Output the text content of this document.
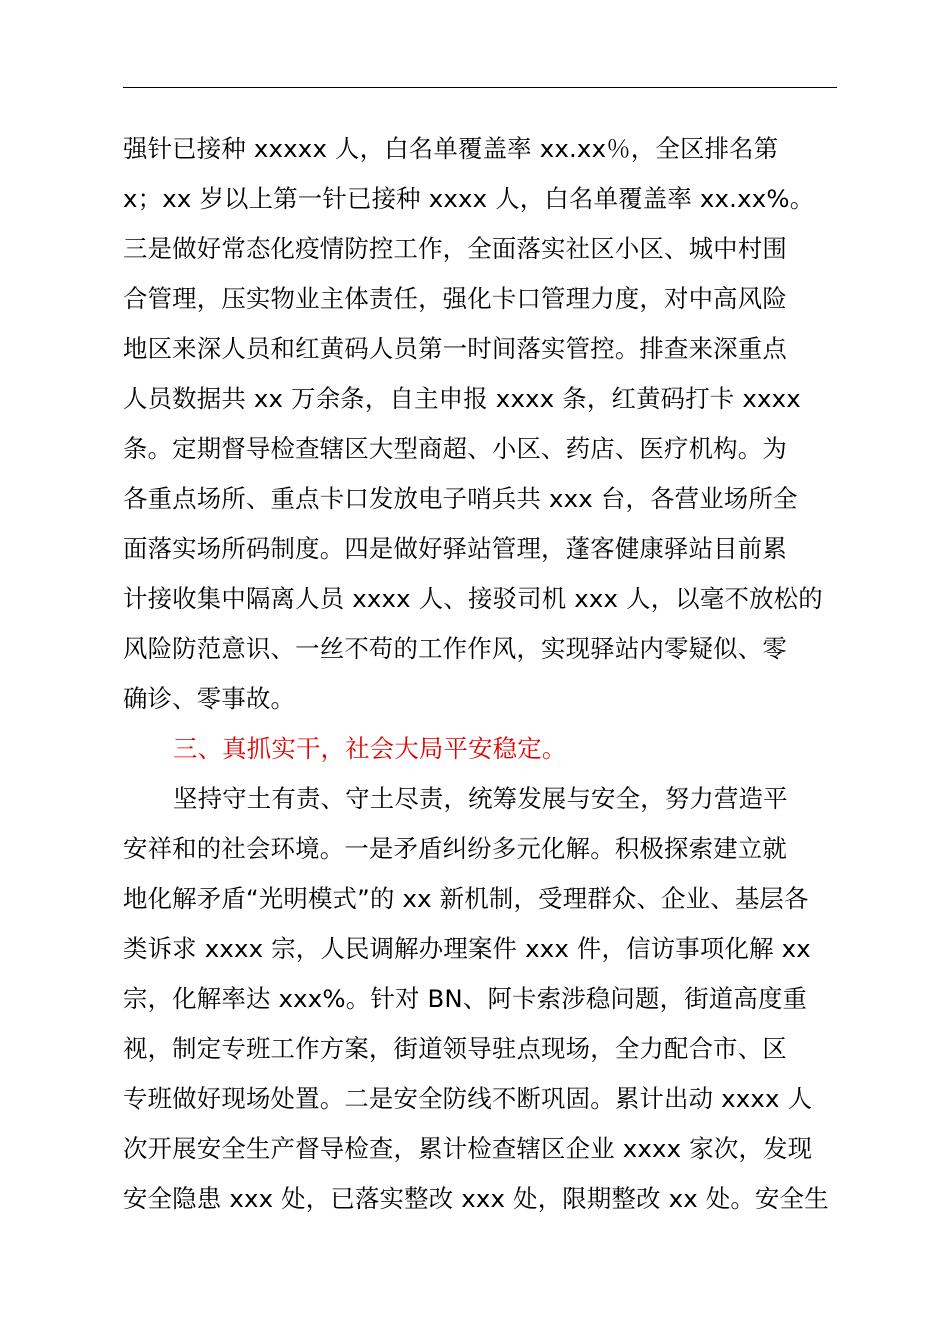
强针已接种 xxxxx 人，白名单覆盖率 xx.xx％，全区排名第
x；xx 岁以上第一针已接种 xxxx 人，白名单覆盖率 xx.xx%。
三是做好常态化疫情防控工作，全面落实社区小区、城中村围
合管理，压实物业主体责任，强化卡口管理力度，对中高风险
地区来深人员和红黄码人员第一时间落实管控。排查来深重点
人员数据共 xx 万余条，自主申报 xxxx 条，红黄码打卡 xxxx
条。定期督导检查辖区大型商超、小区、药店、医疗机构。为
各重点场所、重点卡口发放电子哨兵共 xxx 台，各营业场所全
面落实场所码制度。四是做好驿站管理，蓬客健康驿站目前累
计接收集中隔离人员 xxxx 人、接驳司机 xxx 人，以毫不放松的
风险防范意识、一丝不苟的工作作风，实现驿站内零疑似、零
确诊、零事故。
三、真抓实干，社会大局平安稳定。
坚持守土有责、守土尽责，统筹发展与安全，努力营造平
安祥和的社会环境。一是矛盾纠纷多元化解。积极探索建立就
地化解矛盾“光明模式”的 xx 新机制，受理群众、企业、基层各
类诉求 xxxx 宗，人民调解办理案件 xxx 件，信访事项化解 xx
宗，化解率达 xxx%。针对 BN、阿卡索涉稳问题，街道高度重
视，制定专班工作方案，街道领导驻点现场，全力配合市、区
专班做好现场处置。二是安全防线不断巩固。累计出动 xxxx 人
次开展安全生产督导检查，累计检查辖区企业 xxxx 家次，发现
安全隐患 xxx 处，已落实整改 xxx 处，限期整改 xx 处。安全生
